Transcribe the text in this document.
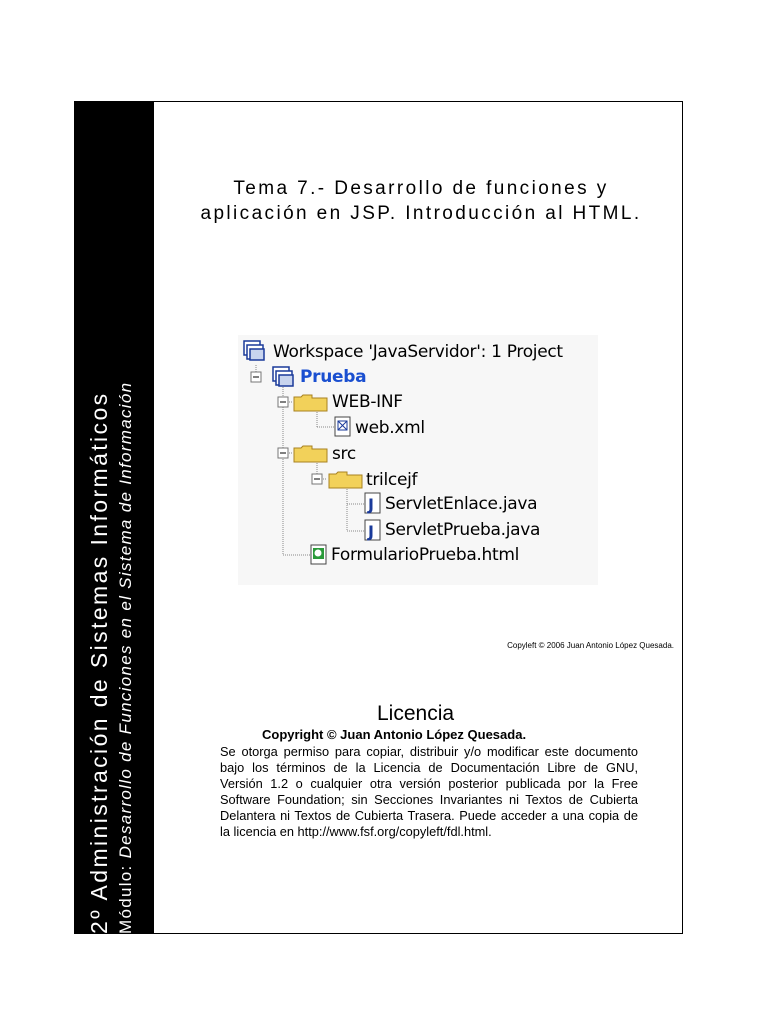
2º Administración de Sistemas Informáticos Módulo: Desarrollo de Funciones en el Sistema de Información
Tema 7.- Desarrollo de funciones y
aplicación en JSP. Introducción al HTML.
J
J
Workspace 'JavaServidor': 1 Project
Prueba
WEB-INF
web.xml
src
trilcejf
ServletEnlace.java
ServletPrueba.java
FormularioPrueba.html
Copyleft © 2006 Juan Antonio López Quesada.
Licencia
Copyright © Juan Antonio López Quesada.
Se otorga permiso para copiar, distribuir y/o modificar este documento bajo los términos de la Licencia de Documentación Libre de GNU, Versión 1.2 o cualquier otra versión posterior publicada por la Free Software Foundation; sin Secciones Invariantes ni Textos de Cubierta Delantera ni Textos de Cubierta Trasera. Puede acceder a una copia de la licencia en http://www.fsf.org/copyleft/fdl.html.
